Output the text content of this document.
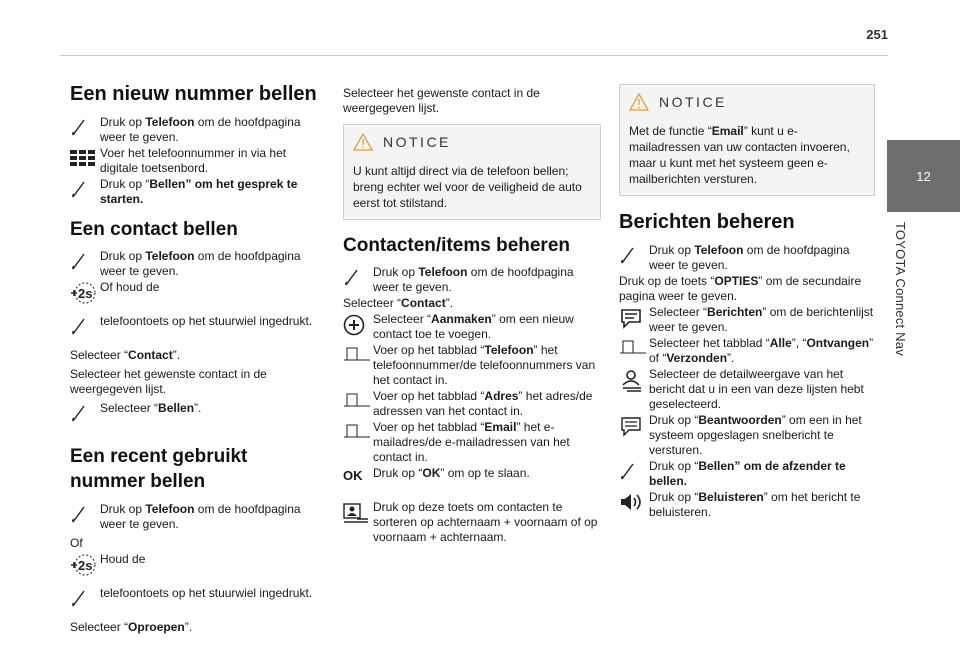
251
12
TOYOTA Connect Nav
Een nieuw nummer bellen
Druk op Telefoon om de hoofdpagina weer te geven.
Voer het telefoonnummer in via het digitale toetsenbord.
Druk op “Bellen” om het gesprek te starten.
Een contact bellen
Druk op Telefoon om de hoofdpagina weer te geven.
2s Of houd de
telefoontoets op het stuurwiel ingedrukt.
Selecteer “Contact”.
Selecteer het gewenste contact in de weergegeven lijst.
Selecteer “Bellen”.
Een recent gebruikt nummer bellen
Druk op Telefoon om de hoofdpagina weer te geven.
Of
2s Houd de
telefoontoets op het stuurwiel ingedrukt.
Selecteer “Oproepen”.
Selecteer het gewenste contact in de weergegeven lijst.
NOTICE
U kunt altijd direct via de telefoon bellen; breng echter wel voor de veiligheid de auto eerst tot stilstand.
Contacten/items beheren
Druk op Telefoon om de hoofdpagina weer te geven.
Selecteer “Contact”.
Selecteer “Aanmaken” om een nieuw contact toe te voegen.
Voer op het tabblad “Telefoon” het telefoonnummer/de telefoonnummers van het contact in.
Voer op het tabblad “Adres” het adres/de adressen van het contact in.
Voer op het tabblad “Email” het e-mailadres/de e-mailadressen van het contact in.
OK Druk op “OK” om op te slaan.
Druk op deze toets om contacten te sorteren op achternaam + voornaam of op voornaam + achternaam.
NOTICE
Met de functie “Email” kunt u e-mailadressen van uw contacten invoeren, maar u kunt met het systeem geen e-mailberichten versturen.
Berichten beheren
Druk op Telefoon om de hoofdpagina weer te geven.
Druk op de toets “OPTIES” om de secundaire pagina weer te geven.
Selecteer “Berichten” om de berichtenlijst weer te geven.
Selecteer het tabblad “Alle”, “Ontvangen” of “Verzonden”.
Selecteer de detailweergave van het bericht dat u in een van deze lijsten hebt geselecteerd.
Druk op “Beantwoorden” om een in het systeem opgeslagen snelbericht te versturen.
Druk op “Bellen” om de afzender te bellen.
Druk op “Beluisteren” om het bericht te beluisteren.
